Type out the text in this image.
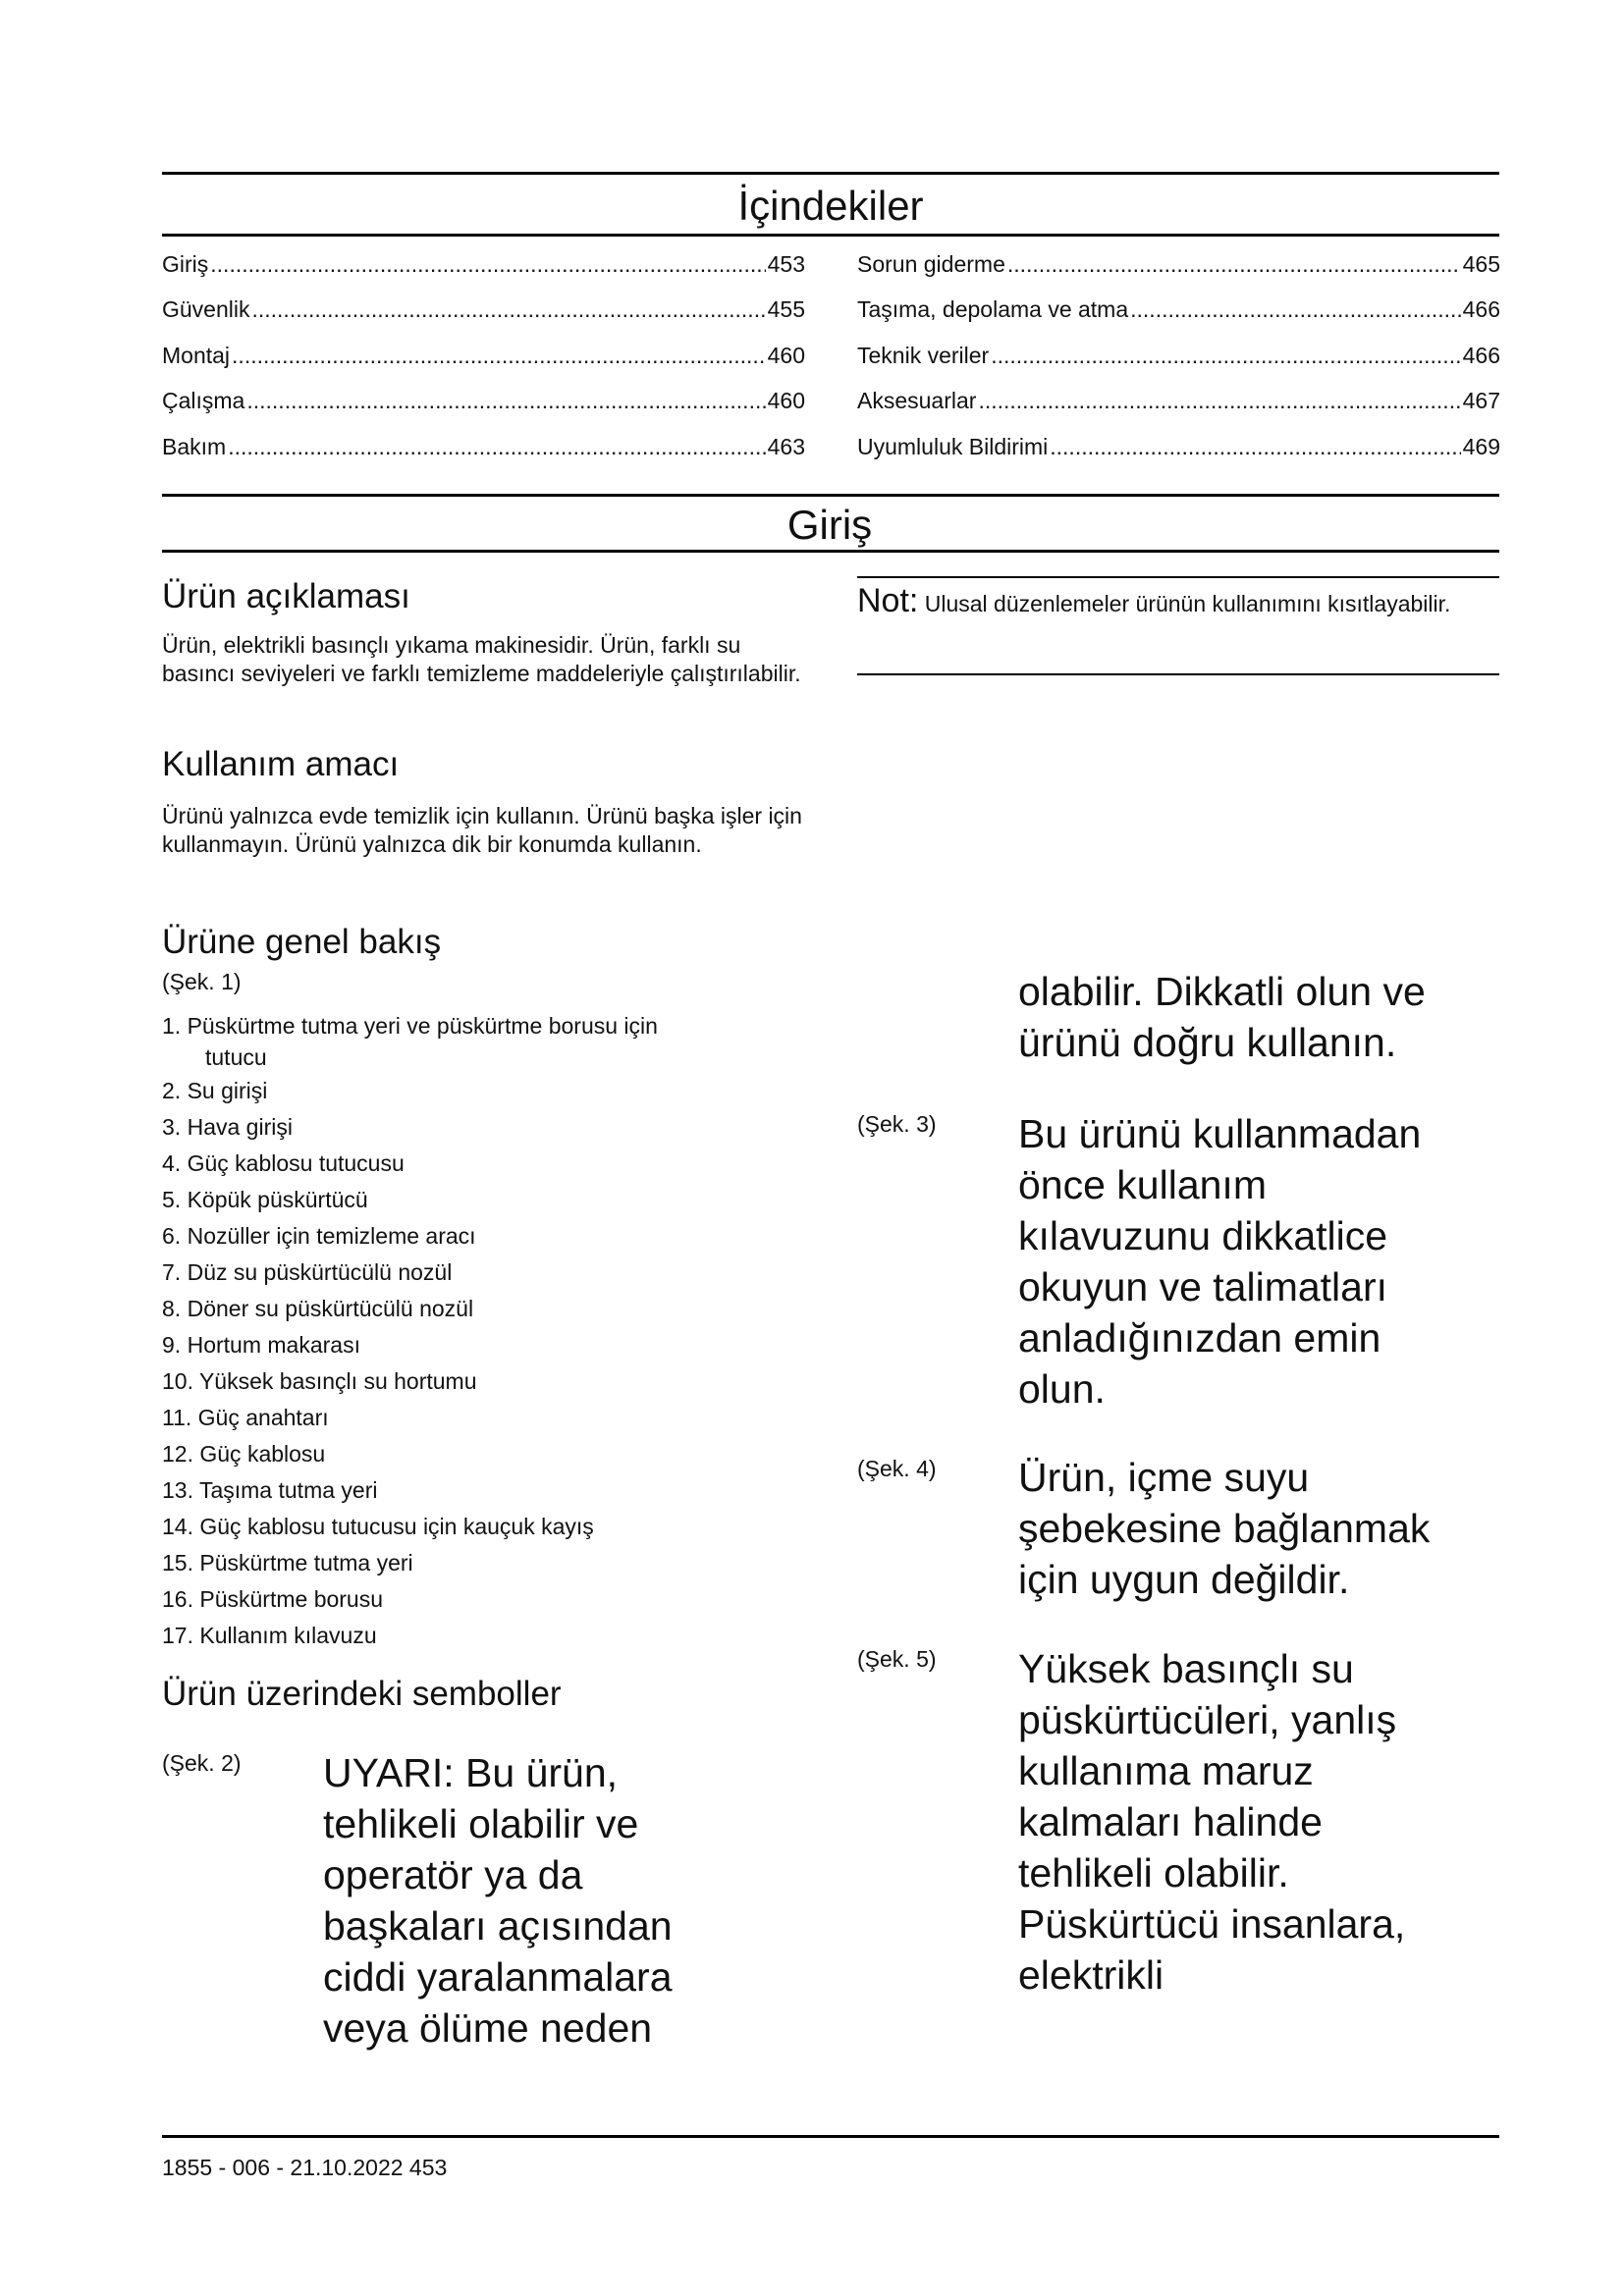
İçindekiler
Giriş .....	453
Güvenlik .....	455
Montaj .....	460
Çalışma .....	460
Bakım .....	463
Sorun giderme .....	465
Taşıma, depolama ve atma .....	466
Teknik veriler .....	466
Aksesuarlar .....	467
Uyumluluk Bildirimi .....	469
Giriş
Ürün açıklaması
Ürün, elektrikli basınçlı yıkama makinesidir. Ürün, farklı su basıncı seviyeleri ve farklı temizleme maddeleriyle çalıştırılabilir.
Kullanım amacı
Ürünü yalnızca evde temizlik için kullanın. Ürünü başka işler için kullanmayın. Ürünü yalnızca dik bir konumda kullanın.
Ürüne genel bakış
(Şek. 1)
1. Püskürtme tutma yeri ve püskürtme borusu için
tutucu
2. Su girişi
3. Hava girişi
4. Güç kablosu tutucusu
5. Köpük püskürtücü
6. Nozüller için temizleme aracı
7. Düz su püskürtücülü nozül
8. Döner su püskürtücülü nozül
9. Hortum makarası
10. Yüksek basınçlı su hortumu
11. Güç anahtarı
12. Güç kablosu
13. Taşıma tutma yeri
14. Güç kablosu tutucusu için kauçuk kayış
15. Püskürtme tutma yeri
16. Püskürtme borusu
17. Kullanım kılavuzu
Ürün üzerindeki semboller
(Şek. 2) UYARI: Bu ürün, tehlikeli olabilir ve operatör ya da başkaları açısından ciddi yaralanmalara veya ölüme neden
Not: Ulusal düzenlemeler ürünün kullanımını kısıtlayabilir.
olabilir. Dikkatli olun ve ürünü doğru kullanın.
(Şek. 3) Bu ürünü kullanmadan önce kullanım kılavuzunu dikkatlice okuyun ve talimatları anladığınızdan emin olun.
(Şek. 4) Ürün, içme suyu şebekesine bağlanmak için uygun değildir.
(Şek. 5) Yüksek basınçlı su püskürtücüleri, yanlış kullanıma maruz kalmaları halinde tehlikeli olabilir. Püskürtücü insanlara, elektrikli
1855 - 006 - 21.10.2022 453
